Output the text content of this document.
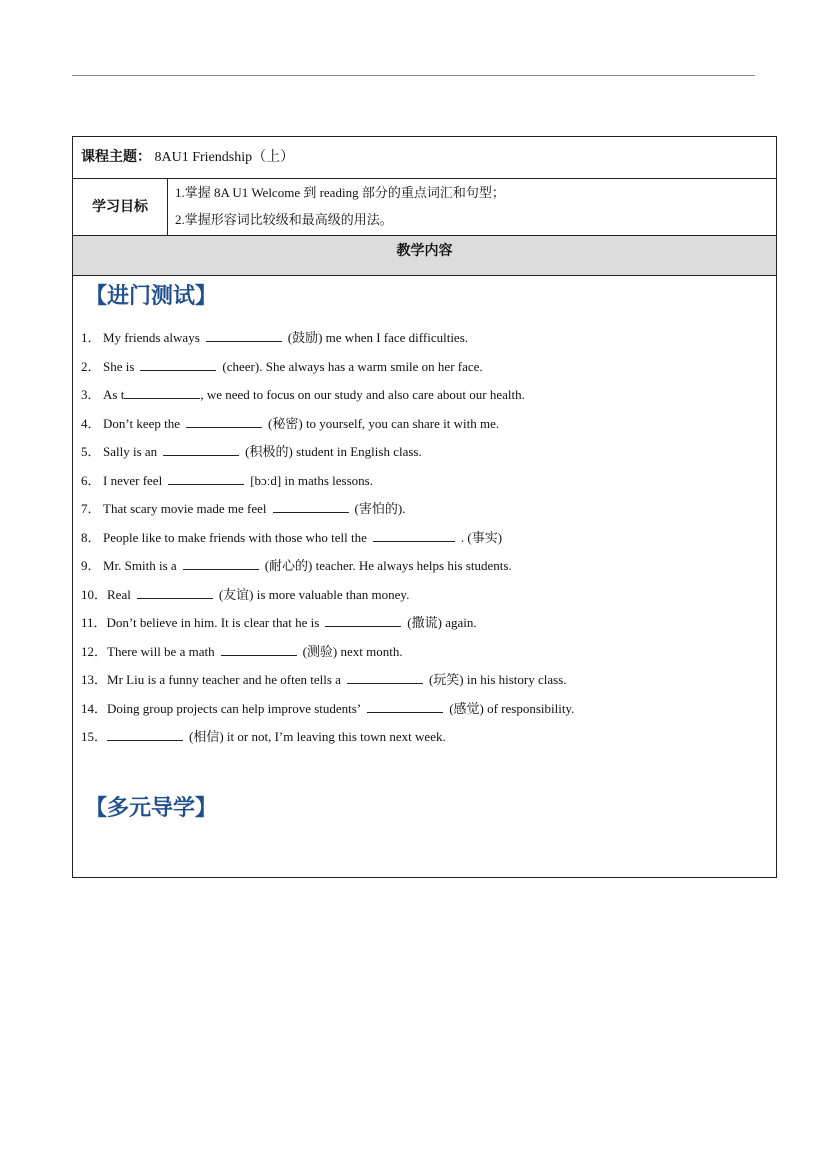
课程主题： 8AU1 Friendship（上）
学习目标
1.掌握 8A U1 Welcome 到 reading 部分的重点词汇和句型；
2.掌握形容词比较级和最高级的用法。
教学内容
【进门测试】
1． My friends always	(鼓励) me when I face difficulties.
2． She is	(cheer). She always has a warm smile on her face.
3． As t	, we need to focus on our study and also care about our health.
4． Don’t keep the	(秘密) to yourself, you can share it with me.
5． Sally is an	(积极的) student in English class.
6． I never feel	[bɔːd] in maths lessons.
7． That scary movie made me feel	(害怕的).
8． People like to make friends with those who tell the	. (事实)
9． Mr. Smith is a	(耐心的) teacher. He always helps his students.
10．Real	(友谊) is more valuable than money.
11．Don’t believe in him. It is clear that he is	(撒谎) again.
12．There will be a math	(测验) next month.
13．Mr Liu is a funny teacher and he often tells a	(玩笑) in his history class.
14．Doing group projects can help improve students’	(感觉) of responsibility.
15．	(相信) it or not, I’m leaving this town next week.
【多元导学】
